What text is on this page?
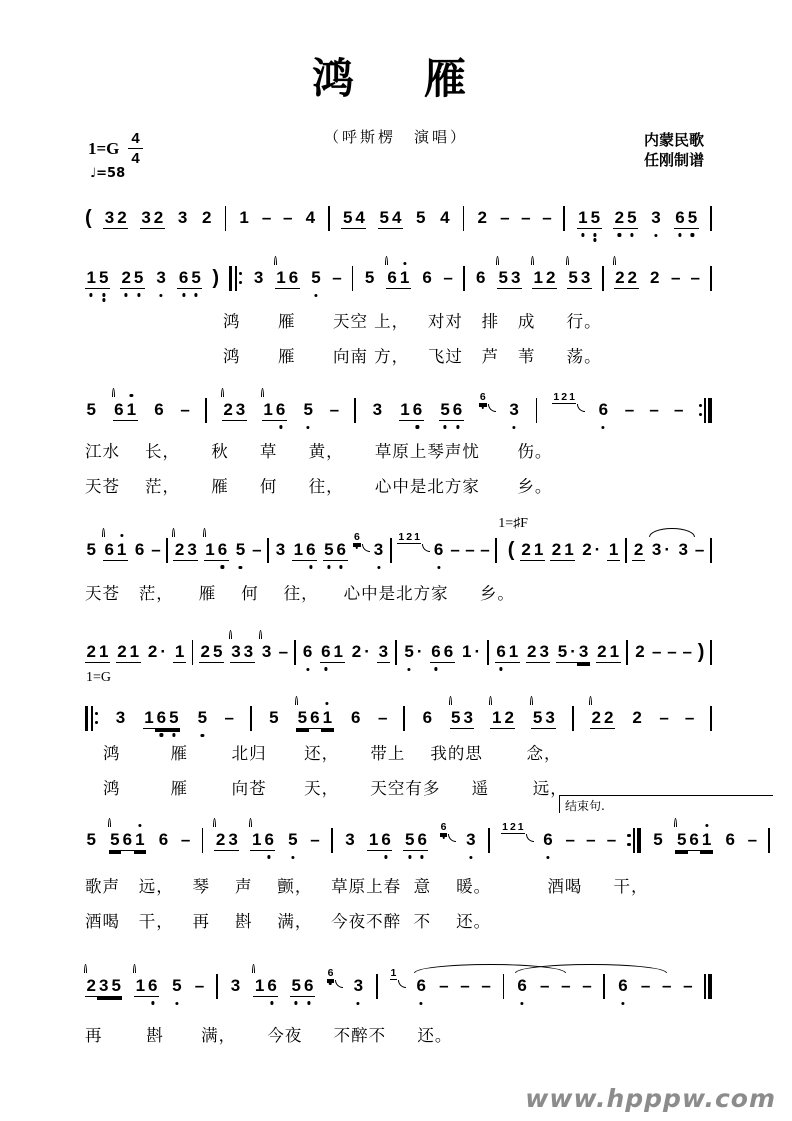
鸿　雁
（呼斯楞　演唱）
$1=G \frac{4}{4}$
♩=58
内蒙民歌
任刚制谱
( 3 2 3 2 3 2 1 – – 4 5 4 5 4 5 4 2 – – – 1 5 2 5 3 6 5
1 5 2 5 3 6 5 ) 3 1 6 5 – 5 6 1 6 – 6 5 3 1 2 5 3 2 2 2 – –
鸿      雁      天空 上，   对对   排   成     行。
鸿      雁      向南 方，   飞过   芦   苇     荡。
5 6 1 6 – 2 3 1 6 5 – 3 1 6 5 6
6
3
1 2 1
6 – – –
江水    长，     秋     草     黄，     草原上琴声忧      伤。
天苍    茫，     雁     何     往，     心中是北方家      乡。
5 6 1 6 – 2 3 1 6 5 – 3 1 6 5 6
6
3
1 2 1
6 – – –
1=♯F
( 2 1 2 1 2 · 1 2 3 · 3 –
天苍   茫，    雁    何    往，    心中是北方家     乡。
2 1 2 1 2 · 1 2 5 3 3 3 – 6 6 1 2 · 3 5 · 6 6 1 · 6 1 2 3 5 · 3 2 1 2 – – – )
1=G
3 1 6 5 5 – 5 5 6 1 6 – 6 5 3 1 2 5 3 2 2 2 – –
鸿        雁       北归      还，     带上    我的思       念，
鸿        雁       向苍      天，     天空有多     遥       远，
结束句.
5 5 6 1 6 – 2 3 1 6 5 – 3 1 6 5 6
6
3
1 2 1
6 – – – 5 5 6 1 6 –
歌声   远，   琴    声    颤，   草原上春  意    暖。         酒喝     干，
酒喝   干，   再    斟    满，   今夜不醉  不    还。
2 3 5 1 6 5 – 3 1 6 5 6
6
3
1
6 – – – 6 – – – 6 – – –
再       斟      满，     今夜     不醉不     还。
www.hpppw.com
